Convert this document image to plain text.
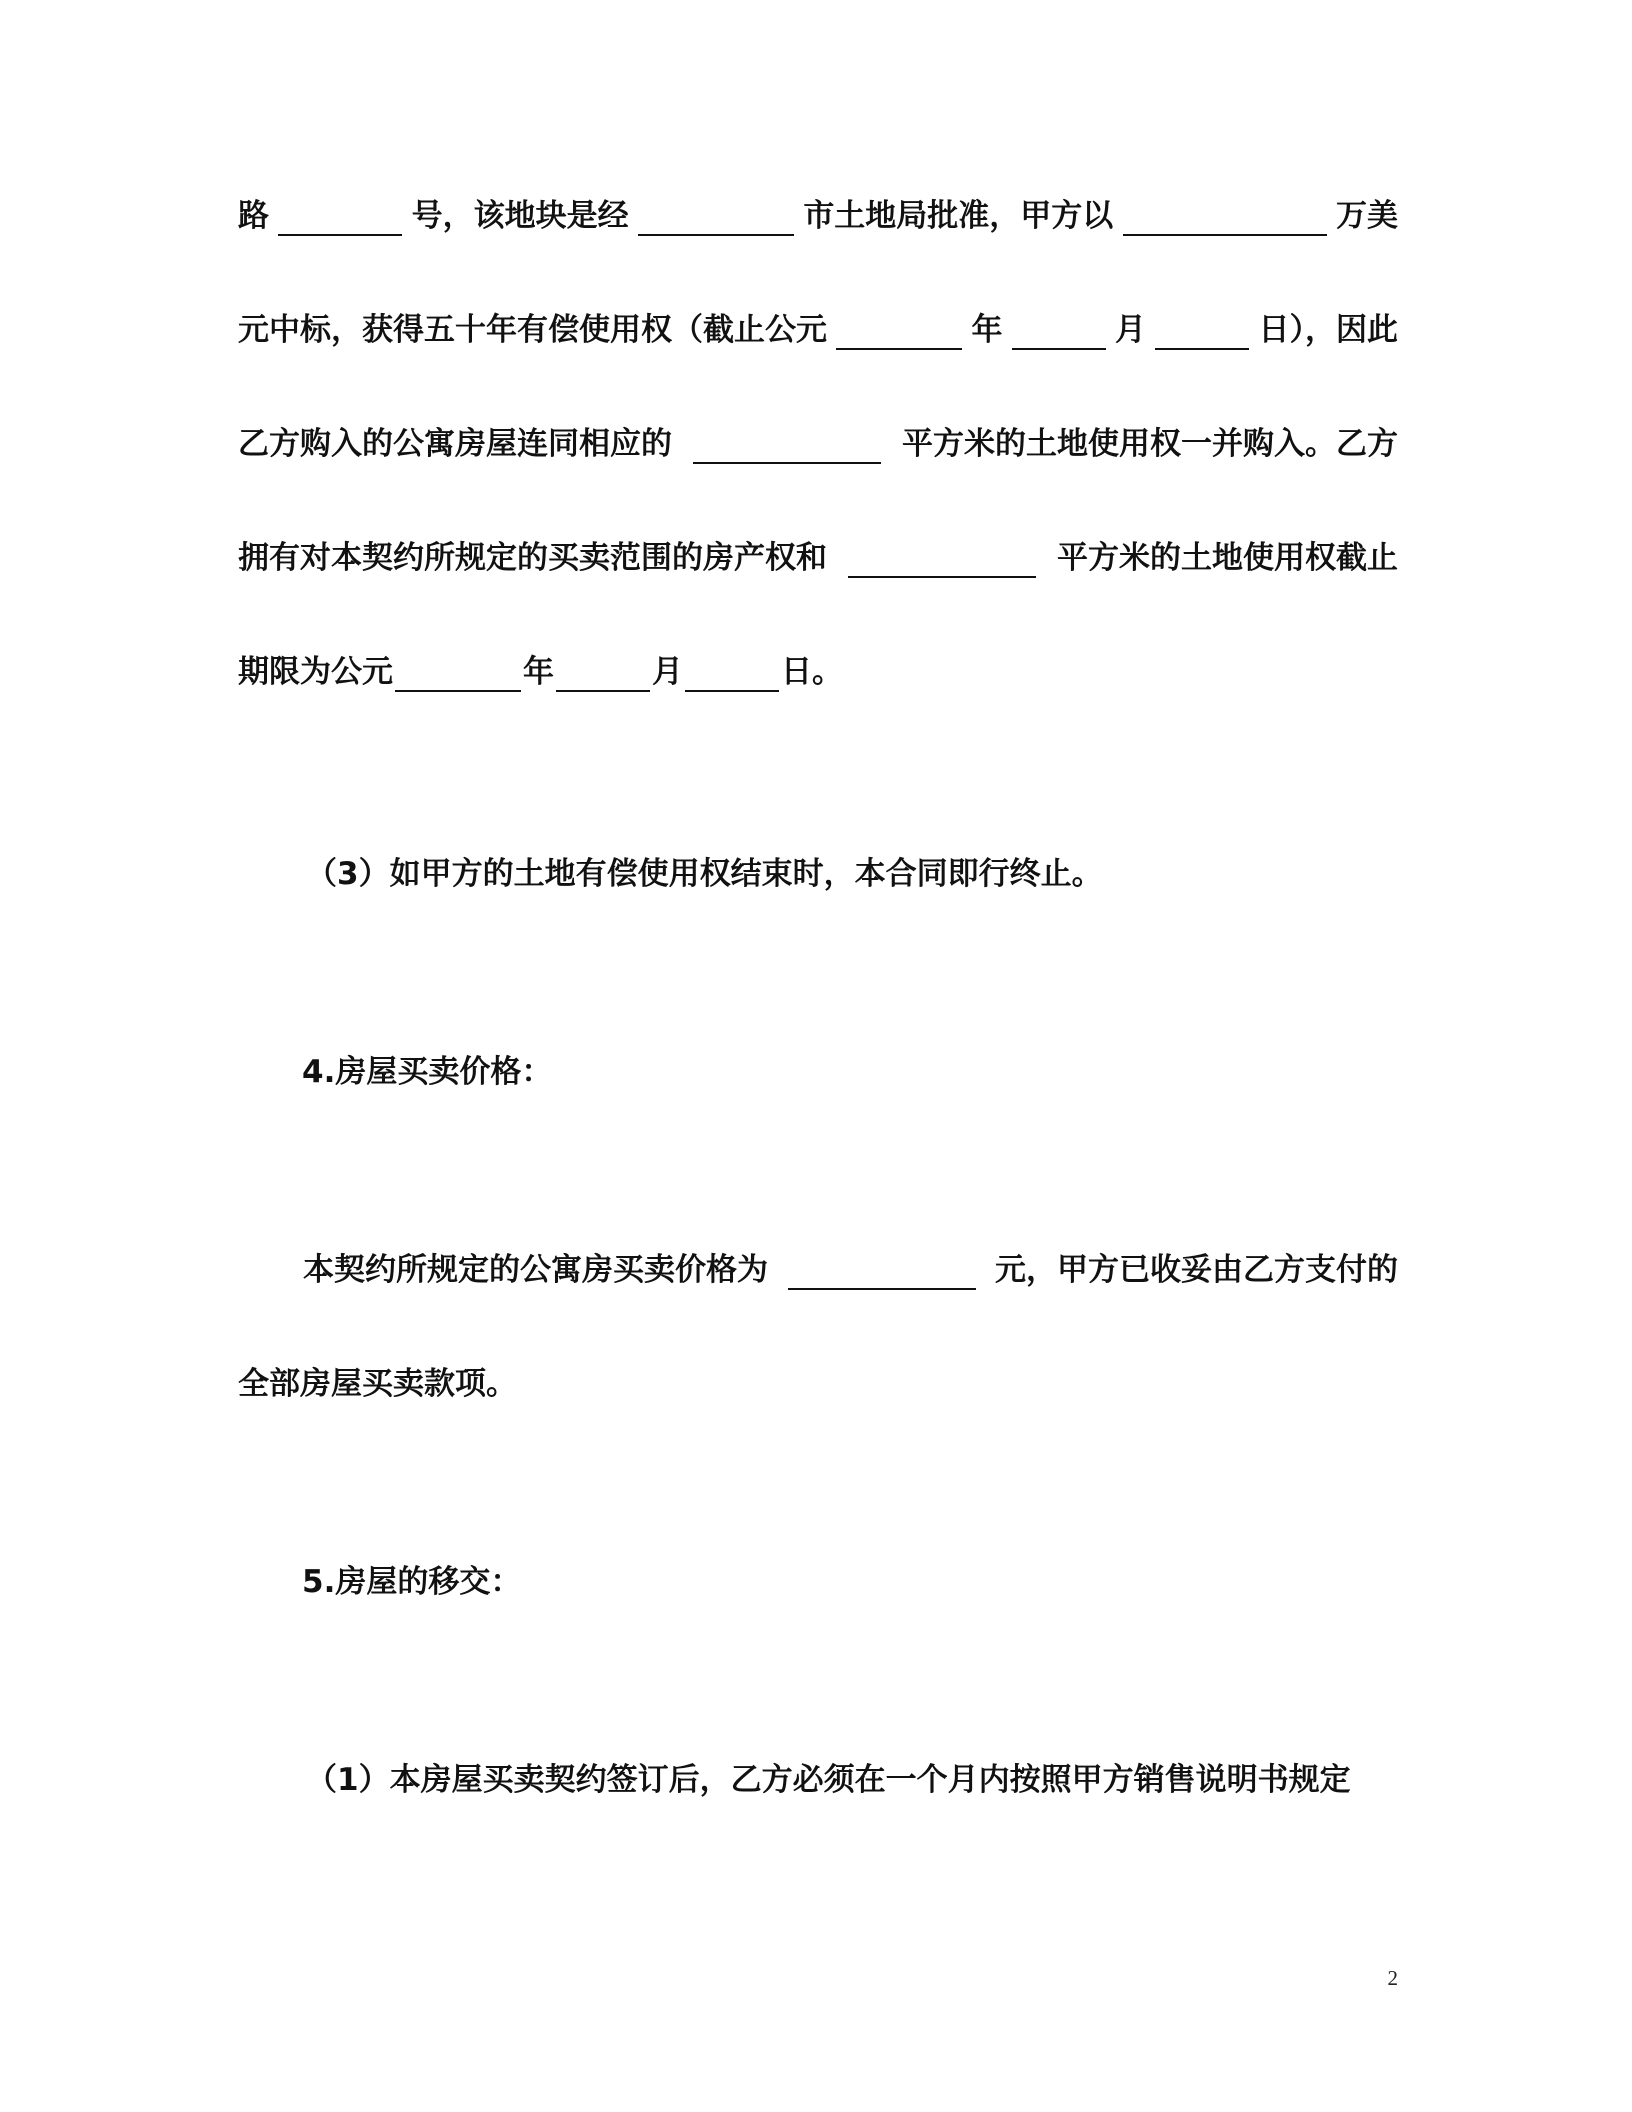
路	号，该地块是经	市土地局批准，甲方以	万美
元中标，获得五十年有偿使用权（截止公元	年	月	日），因此
乙方购入的公寓房屋连同相应的	平方米的土地使用权一并购入。乙方
拥有对本契约所规定的买卖范围的房产权和	平方米的土地使用权截止
期限为公元	年	月	日。
（3）如甲方的土地有偿使用权结束时，本合同即行终止。
4.房屋买卖价格：
本契约所规定的公寓房买卖价格为	元，甲方已收妥由乙方支付的
全部房屋买卖款项。
5.房屋的移交：
（1）本房屋买卖契约签订后，乙方必须在一个月内按照甲方销售说明书规定
2
